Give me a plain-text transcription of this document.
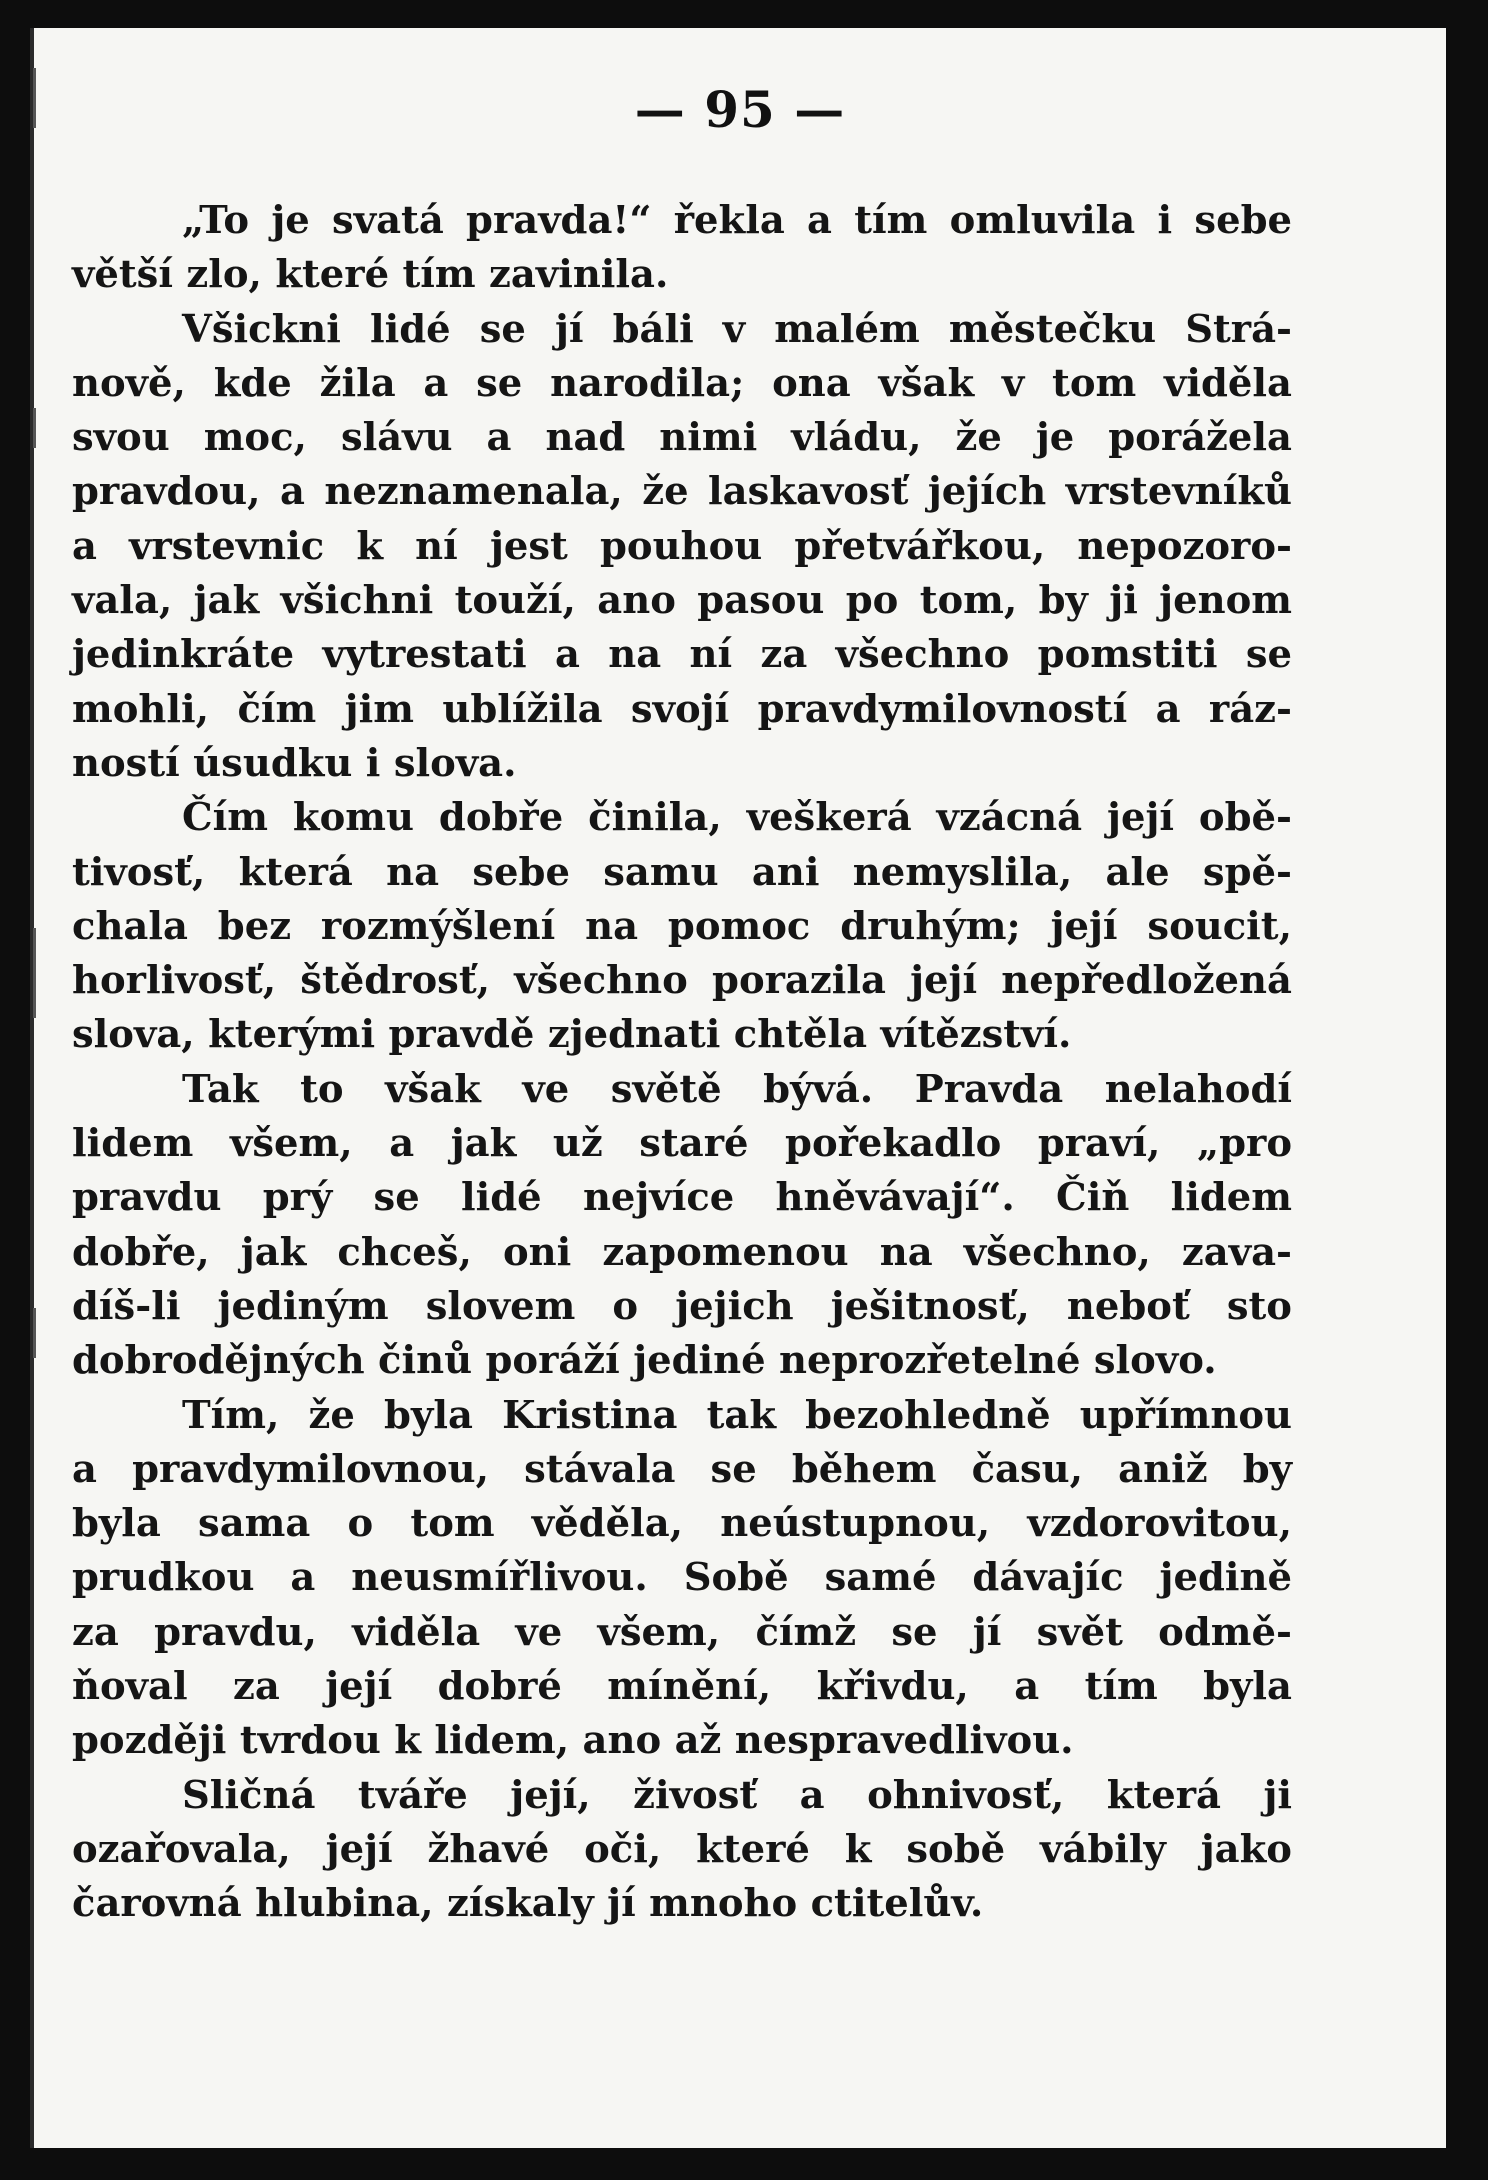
— 95 —
„To je svatá pravda!“ řekla a tím omluvila i sebe
větší zlo, které tím zavinila.
Všickni lidé se jí báli v malém městečku Strá-
nově, kde žila a se narodila; ona však v tom viděla
svou moc, slávu a nad nimi vládu, že je porážela
pravdou, a neznamenala, že laskavosť jejích vrstevníků
a vrstevnic k ní jest pouhou přetvářkou, nepozoro-
vala, jak všichni touží, ano pasou po tom, by ji jenom
jedinkráte vytrestati a na ní za všechno pomstiti se
mohli, čím jim ublížila svojí pravdymilovností a ráz-
ností úsudku i slova.
Čím komu dobře činila, veškerá vzácná její obě-
tivosť, která na sebe samu ani nemyslila, ale spě-
chala bez rozmýšlení na pomoc druhým; její soucit,
horlivosť, štědrosť, všechno porazila její nepředložená
slova, kterými pravdě zjednati chtěla vítězství.
Tak to však ve světě bývá. Pravda nelahodí
lidem všem, a jak už staré pořekadlo praví, „pro
pravdu prý se lidé nejvíce hněvávají“. Čiň lidem
dobře, jak chceš, oni zapomenou na všechno, zava-
díš-li jediným slovem o jejich ješitnosť, neboť sto
dobrodějných činů poráží jediné neprozřetelné slovo.
Tím, že byla Kristina tak bezohledně upřímnou
a pravdymilovnou, stávala se během času, aniž by
byla sama o tom věděla, neústupnou, vzdorovitou,
prudkou a neusmířlivou. Sobě samé dávajíc jedině
za pravdu, viděla ve všem, čímž se jí svět odmě-
ňoval za její dobré mínění, křivdu, a tím byla
později tvrdou k lidem, ano až nespravedlivou.
Sličná tváře její, živosť a ohnivosť, která ji
ozařovala, její žhavé oči, které k sobě vábily jako
čarovná hlubina, získaly jí mnoho ctitelův.
